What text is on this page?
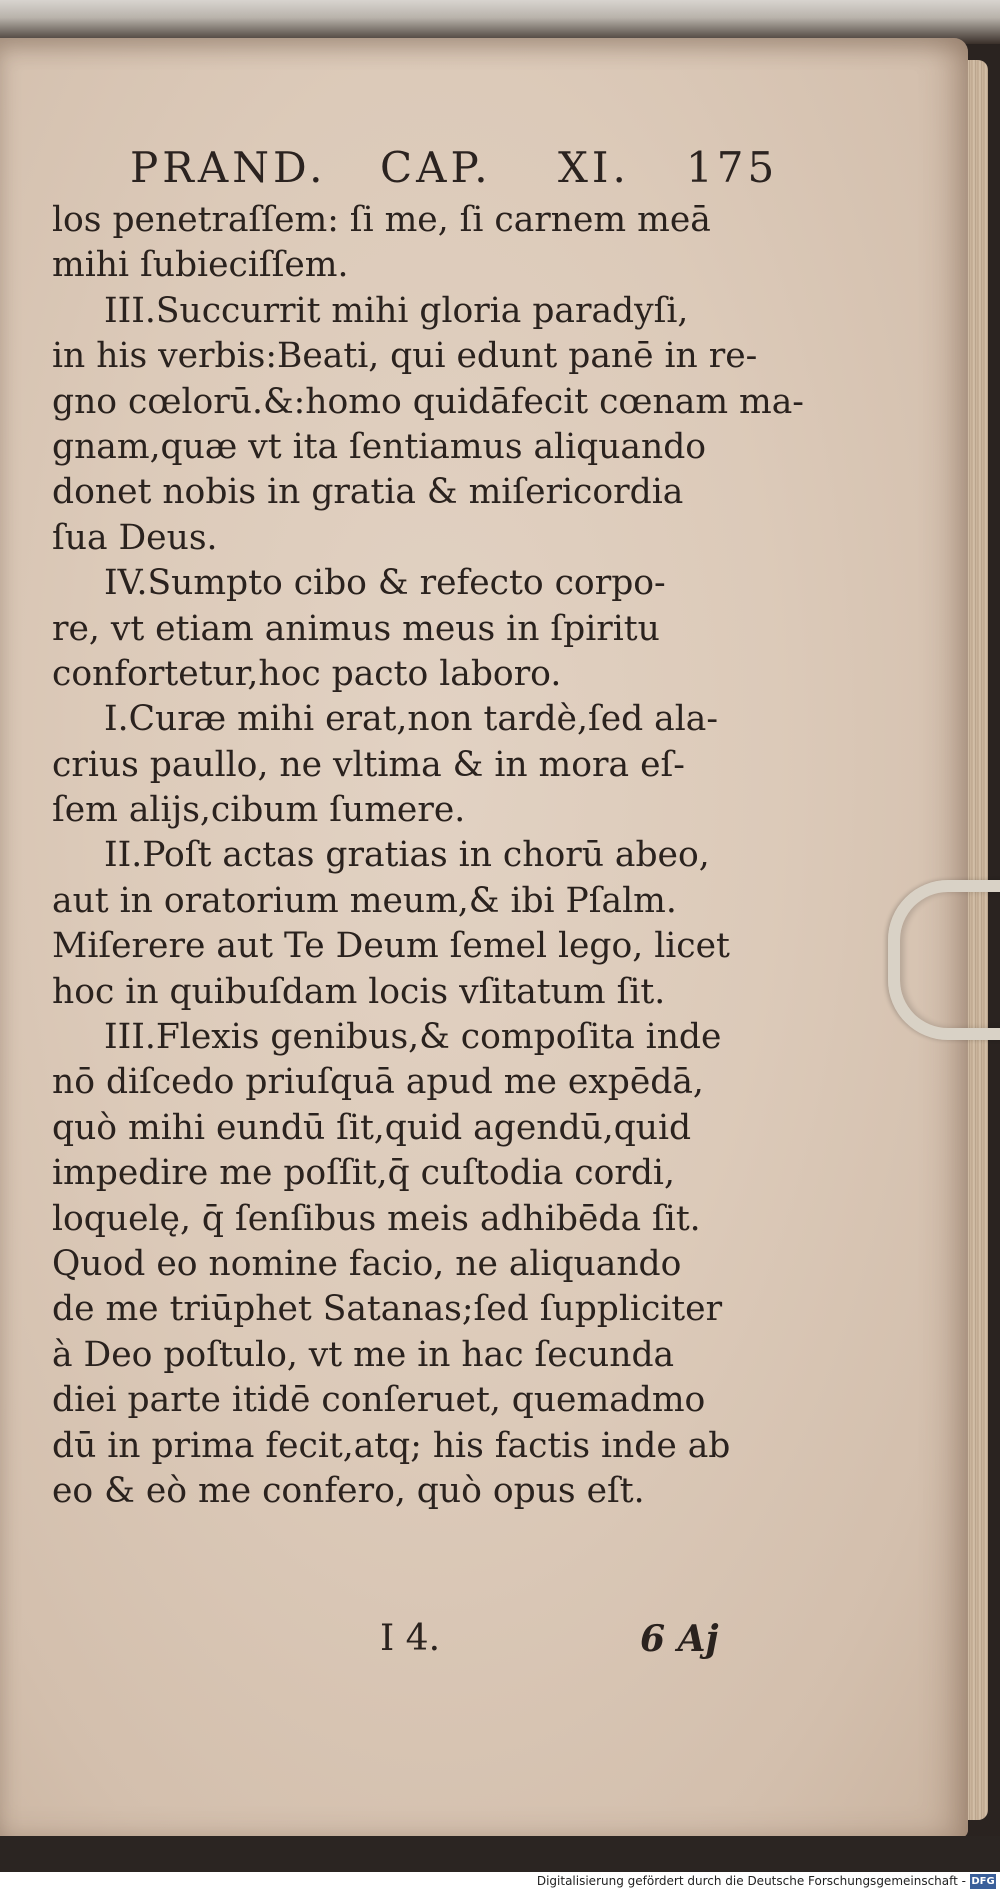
PRAND. CAP. XI. 175
los penetraſſem: ſi me, ſi carnem meā
mihi ſubieciſſem.
III.Succurrit mihi gloria paradyſi,
in his verbis:Beati, qui edunt panē in re-
gno cœlorū.&:homo quidāfecit cœnam ma-
gnam,quæ vt ita ſentiamus aliquando
donet nobis in gratia & miſericordia
ſua Deus.
IV.Sumpto cibo & refecto corpo-
re, vt etiam animus meus in ſpiritu
confortetur,hoc pacto laboro.
I.Curæ mihi erat,non tardè,ſed ala-
crius paullo, ne vltima & in mora eſ-
ſem alijs,cibum ſumere.
II.Poſt actas gratias in chorū abeo,
aut in oratorium meum,& ibi Pſalm.
Miſerere aut Te Deum ſemel lego, licet
hoc in quibuſdam locis vſitatum ſit.
III.Flexis genibus,& compoſita inde
nō diſcedo priuſquā apud me expēdā,
quò mihi eundū ſit,quid agendū,quid
impedire me poſſit,q̄ cuſtodia cordi,
loquelę, q̄ ſenſibus meis adhibēda ſit.
Quod eo nomine facio, ne aliquando
de me triūphet Satanas;ſed ſuppliciter
à Deo poſtulo, vt me in hac ſecunda
diei parte itidē conſeruet, quemadmo
dū in prima fecit,atq; his factis inde ab
eo & eò me confero, quò opus eſt.
I 4.	6 Aj
Digitalisierung gefördert durch die Deutsche Forschungsgemeinschaft - DFG
